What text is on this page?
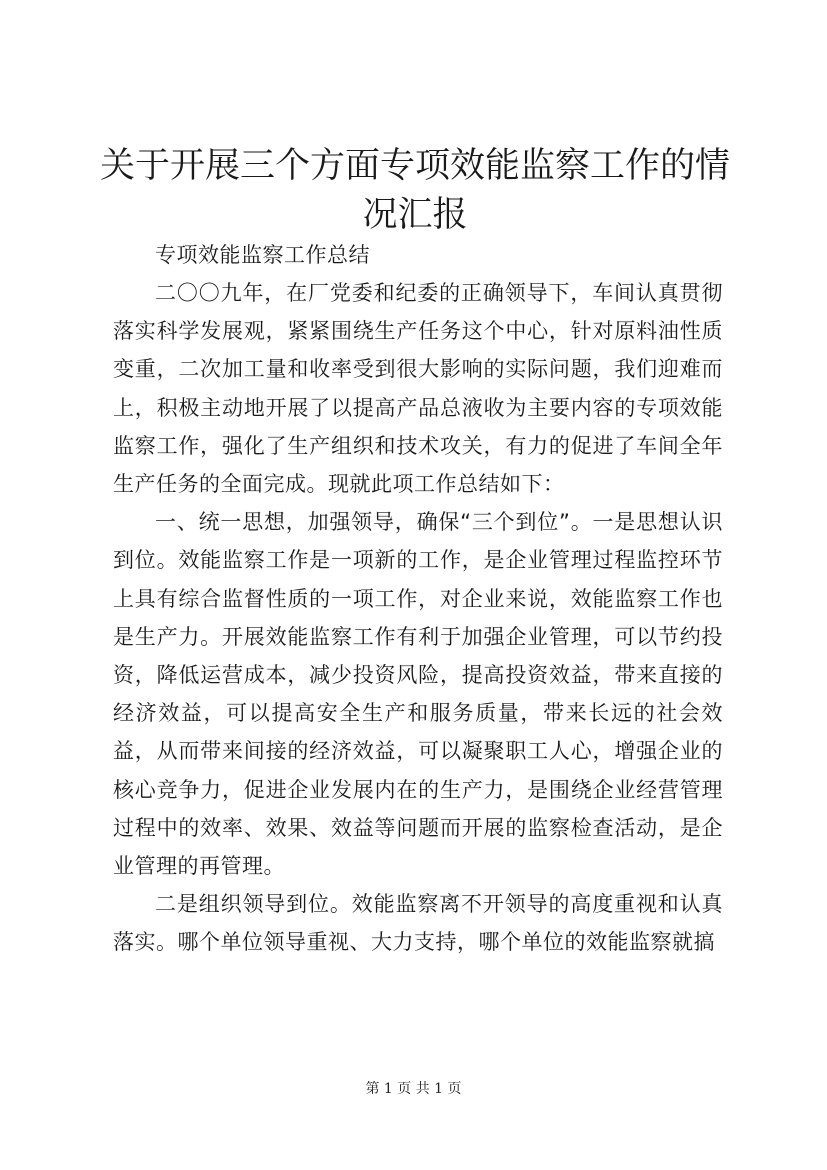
关于开展三个方面专项效能监察工作的情况汇报

专项效能监察工作总结

二〇〇九年，在厂党委和纪委的正确领导下，车间认真贯彻落实科学发展观，紧紧围绕生产任务这个中心，针对原料油性质变重，二次加工量和收率受到很大影响的实际问题，我们迎难而上，积极主动地开展了以提高产品总液收为主要内容的专项效能监察工作，强化了生产组织和技术攻关，有力的促进了车间全年生产任务的全面完成。现就此项工作总结如下：

一、统一思想，加强领导，确保“三个到位”。一是思想认识到位。效能监察工作是一项新的工作，是企业管理过程监控环节上具有综合监督性质的一项工作，对企业来说，效能监察工作也是生产力。开展效能监察工作有利于加强企业管理，可以节约投资，降低运营成本，减少投资风险，提高投资效益，带来直接的经济效益，可以提高安全生产和服务质量，带来长远的社会效益，从而带来间接的经济效益，可以凝聚职工人心，增强企业的核心竞争力，促进企业发展内在的生产力，是围绕企业经营管理过程中的效率、效果、效益等问题而开展的监察检查活动，是企业管理的再管理。

二是组织领导到位。效能监察离不开领导的高度重视和认真落实。哪个单位领导重视、大力支持，哪个单位的效能监察就搞

第 1 页 共 1 页
